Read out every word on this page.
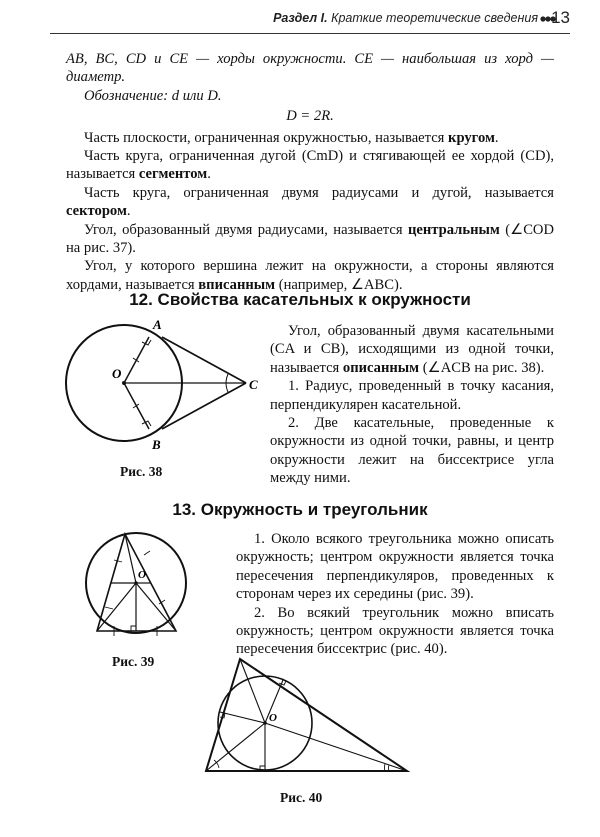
Раздел I. Краткие теоретические сведения 13

AB, BC, CD и CE — хорды окружности. CE — наибольшая из хорд — диаметр.

Обозначение: d или D.

D = 2R.

Часть плоскости, ограниченная окружностью, называется кругом.

Часть круга, ограниченная дугой (CmD) и стягивающей ее хордой (CD), называется сегментом.

Часть круга, ограниченная двумя радиусами и дугой, называется сектором.

Угол, образованный двумя радиусами, называется центральным (∠COD на рис. 37).

Угол, у которого вершина лежит на окружности, а стороны являются хордами, называется вписанным (например, ∠ABC).

12. Свойства касательных к окружности
A
B
C
O
Рис. 38

Угол, образованный двумя касательными (CA и CB), исходящими из одной точки, называется описанным (∠ACB на рис. 38).

1. Радиус, проведенный в точку касания, перпендикулярен касательной.

2. Две касательные, проведенные к окружности из одной точки, равны, и центр окружности лежит на биссектрисе угла между ними.

13. Окружность и треугольник
O
Рис. 39

1. Около всякого треугольника можно описать окружность; центром окружности является точка пересечения перпендикуляров, проведенных к сторонам через их середины (рис. 39).

2. Во всякий треугольник можно вписать окружность; центром окружности является точка пересечения биссектрис (рис. 40).

O
Рис. 40
